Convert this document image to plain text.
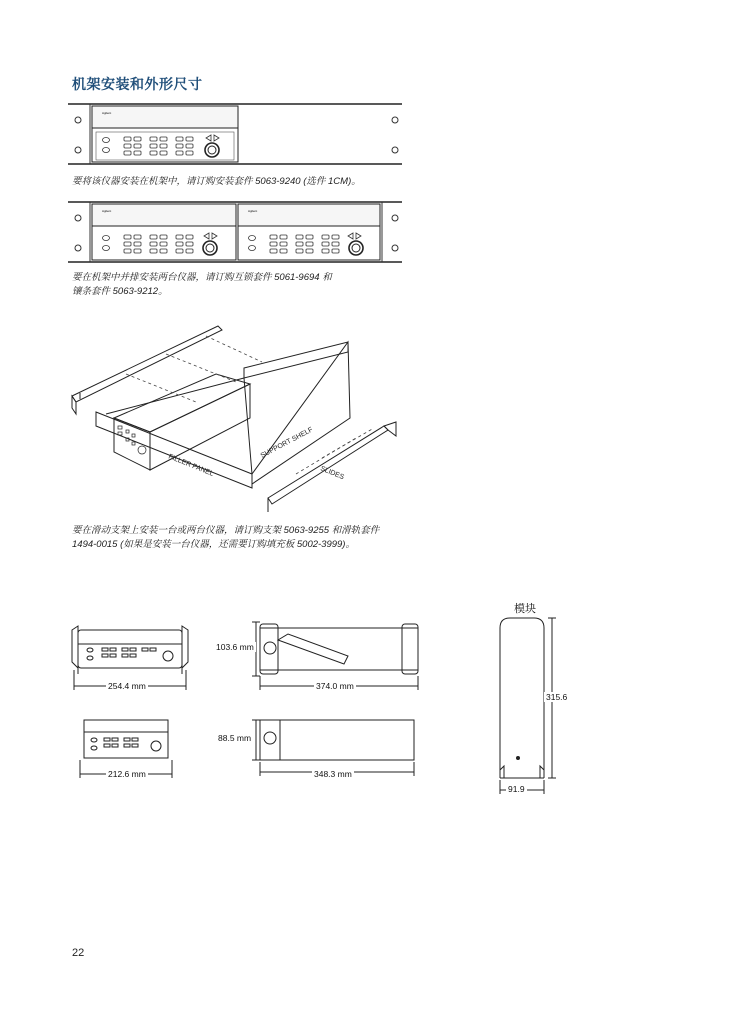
机架安装和外形尺寸
Agilent
要将该仪器安装在机架中，请订购安装套件 5063-9240 (选件 1CM)。
Agilent	Agilent
要在机架中并排安装两台仪器，请订购互锁套件 5061-9694 和
镶条套件 5063-9212。
SUPPORT SHELF
SLIDES
FILLER PANEL
要在滑动支架上安装一台或两台仪器，请订购支架 5063-9255 和滑轨套件
1494-0015 (如果是安装一台仪器，还需要订购填充板 5002-3999)。
254.4 mm
103.6 mm
374.0 mm
212.6 mm
88.5 mm
348.3 mm
模块
315.6
91.9
22
